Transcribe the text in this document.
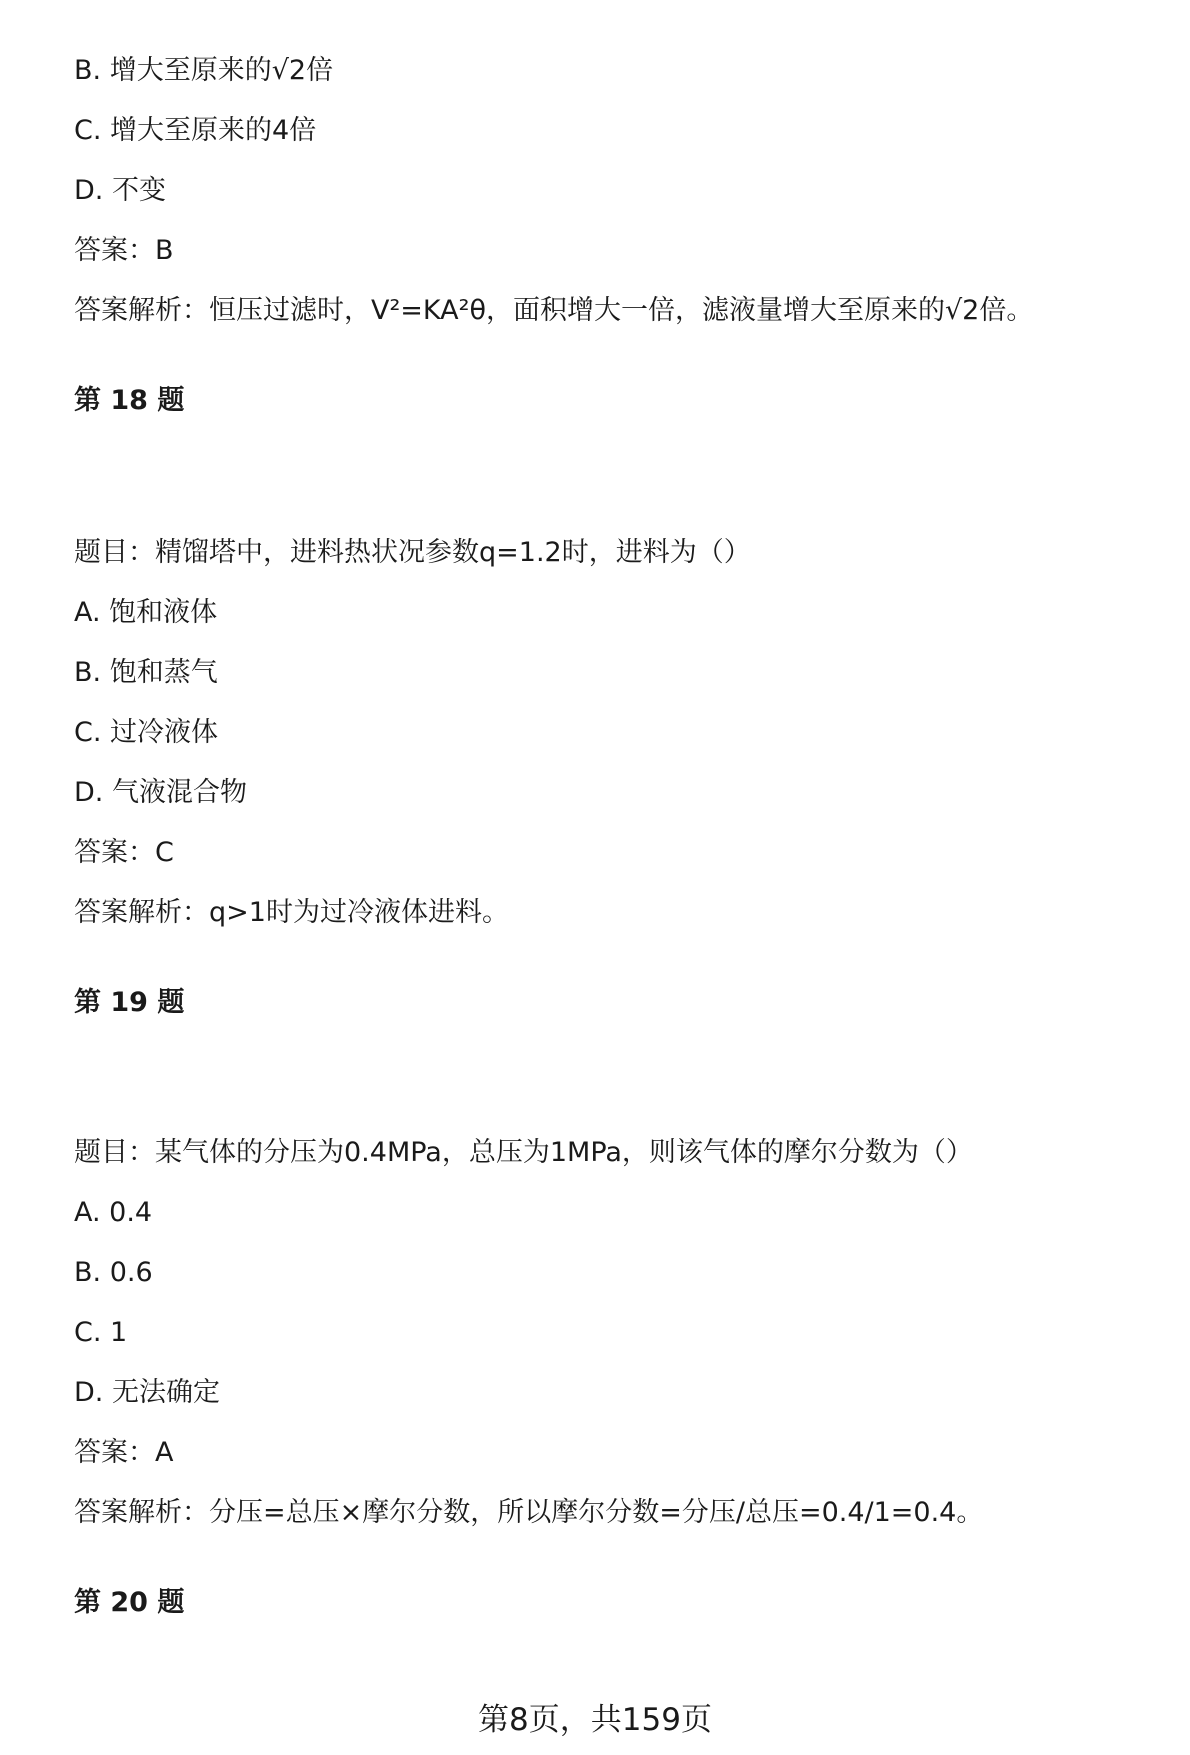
B. 增大至原来的√2倍
C. 增大至原来的4倍
D. 不变
答案：B
答案解析：恒压过滤时，V²=KA²θ，面积增大一倍，滤液量增大至原来的√2倍。
第 18 题
题目：精馏塔中，进料热状况参数q=1.2时，进料为（）
A. 饱和液体
B. 饱和蒸气
C. 过冷液体
D. 气液混合物
答案：C
答案解析：q>1时为过冷液体进料。
第 19 题
题目：某气体的分压为0.4MPa，总压为1MPa，则该气体的摩尔分数为（）
A. 0.4
B. 0.6
C. 1
D. 无法确定
答案：A
答案解析：分压=总压×摩尔分数，所以摩尔分数=分压/总压=0.4/1=0.4。
第 20 题
第8页，共159页
